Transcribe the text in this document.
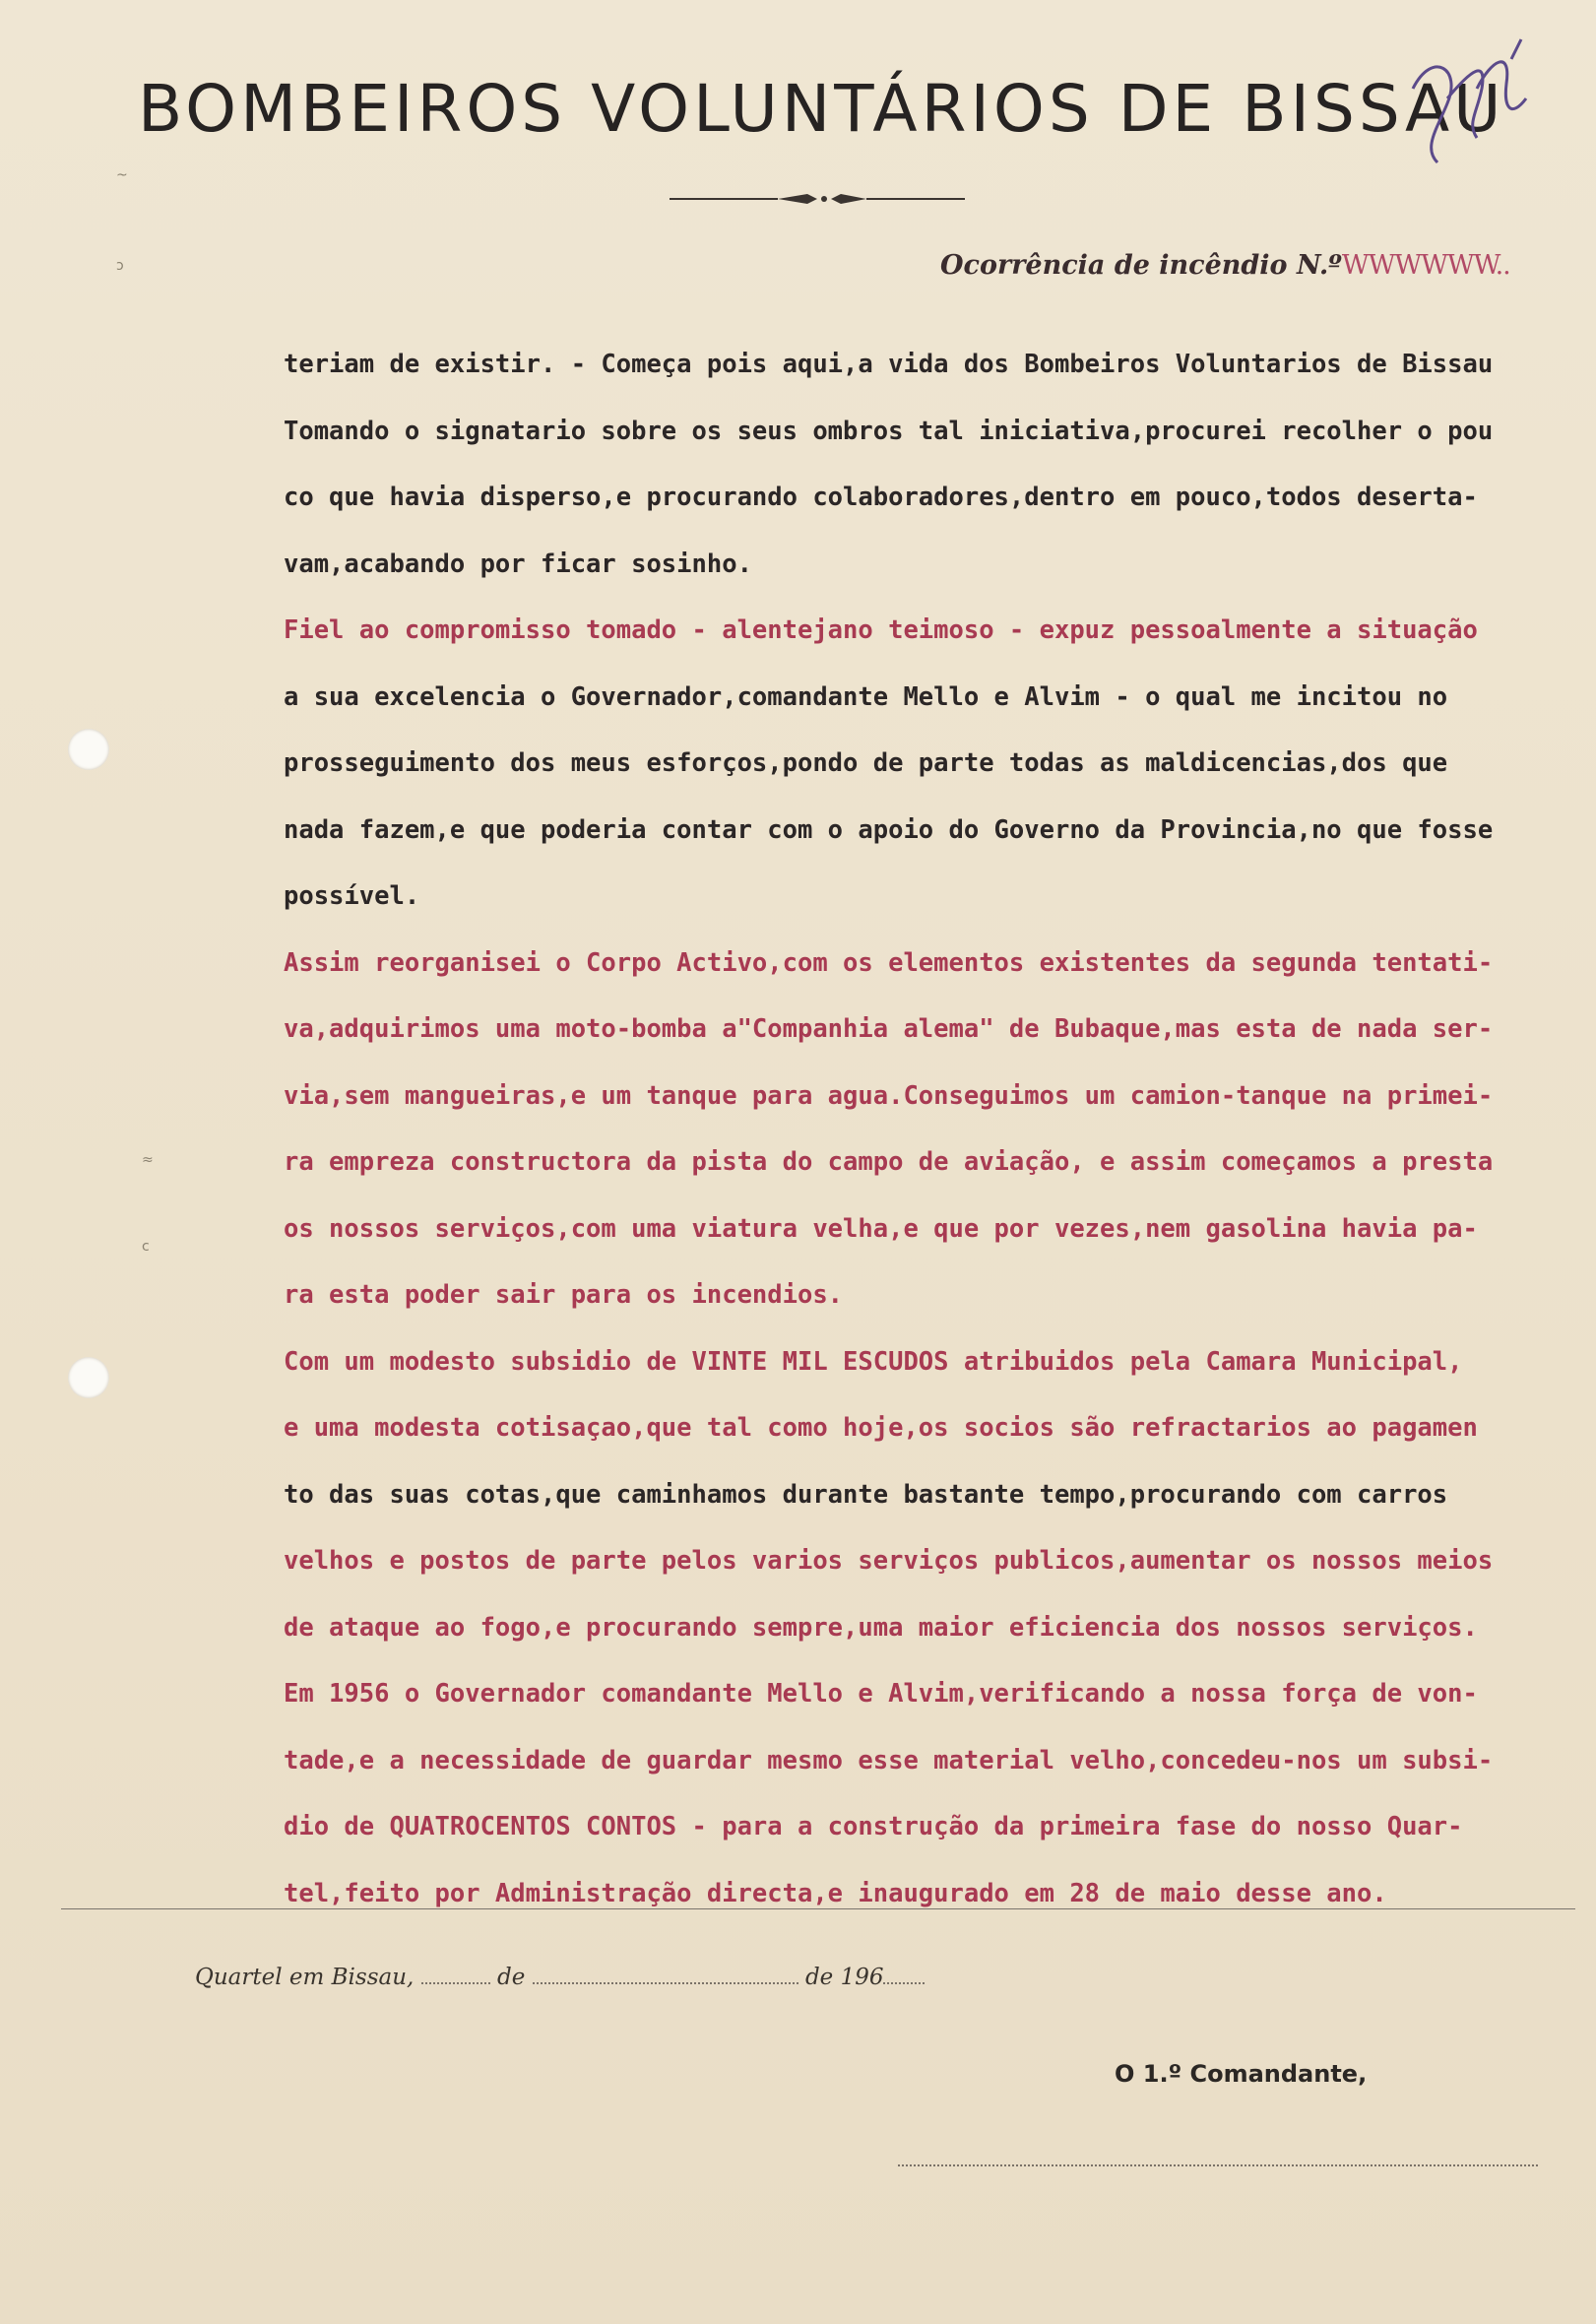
BOMBEIROS VOLUNTÁRIOS DE BISSAU
Ocorrência de incêndio N.ºWWWWWW..
~
ɔ
≈
c
teriam de existir. - Começa pois aqui,a vida dos Bombeiros Voluntarios de Bissau
Tomando o signatario sobre os seus ombros tal iniciativa,procurei recolher o pou
co que havia disperso,e procurando colaboradores,dentro em pouco,todos deserta-
vam,acabando por ficar sosinho.
Fiel ao compromisso tomado - alentejano teimoso - expuz pessoalmente a situação
a sua excelencia o Governador,comandante Mello e Alvim - o qual me incitou no
prosseguimento dos meus esforços,pondo de parte todas as maldicencias,dos que
nada fazem,e que poderia contar com o apoio do Governo da Provincia,no que fosse
possível.
Assim reorganisei o Corpo Activo,com os elementos existentes da segunda tentati-
va,adquirimos uma moto-bomba a"Companhia alema" de Bubaque,mas esta de nada ser-
via,sem mangueiras,e um tanque para agua.Conseguimos um camion-tanque na primei-
ra empreza constructora da pista do campo de aviação, e assim começamos a presta
os nossos serviços,com uma viatura velha,e que por vezes,nem gasolina havia pa-
ra esta poder sair para os incendios.
Com um modesto subsidio de VINTE MIL ESCUDOS atribuidos pela Camara Municipal,
e uma modesta cotisaçao,que tal como hoje,os socios são refractarios ao pagamen
to das suas cotas,que caminhamos durante bastante tempo,procurando com carros
velhos e postos de parte pelos varios serviços publicos,aumentar os nossos meios
de ataque ao fogo,e procurando sempre,uma maior eficiencia dos nossos serviços.
Em 1956 o Governador comandante Mello e Alvim,verificando a nossa força de von-
tade,e a necessidade de guardar mesmo esse material velho,concedeu-nos um subsi-
dio de QUATROCENTOS CONTOS - para a construção da primeira fase do nosso Quar-
tel,feito por Administração directa,e inaugurado em 28 de maio desse ano.
Quartel em Bissau,	de	de 196
O 1.º Comandante,
